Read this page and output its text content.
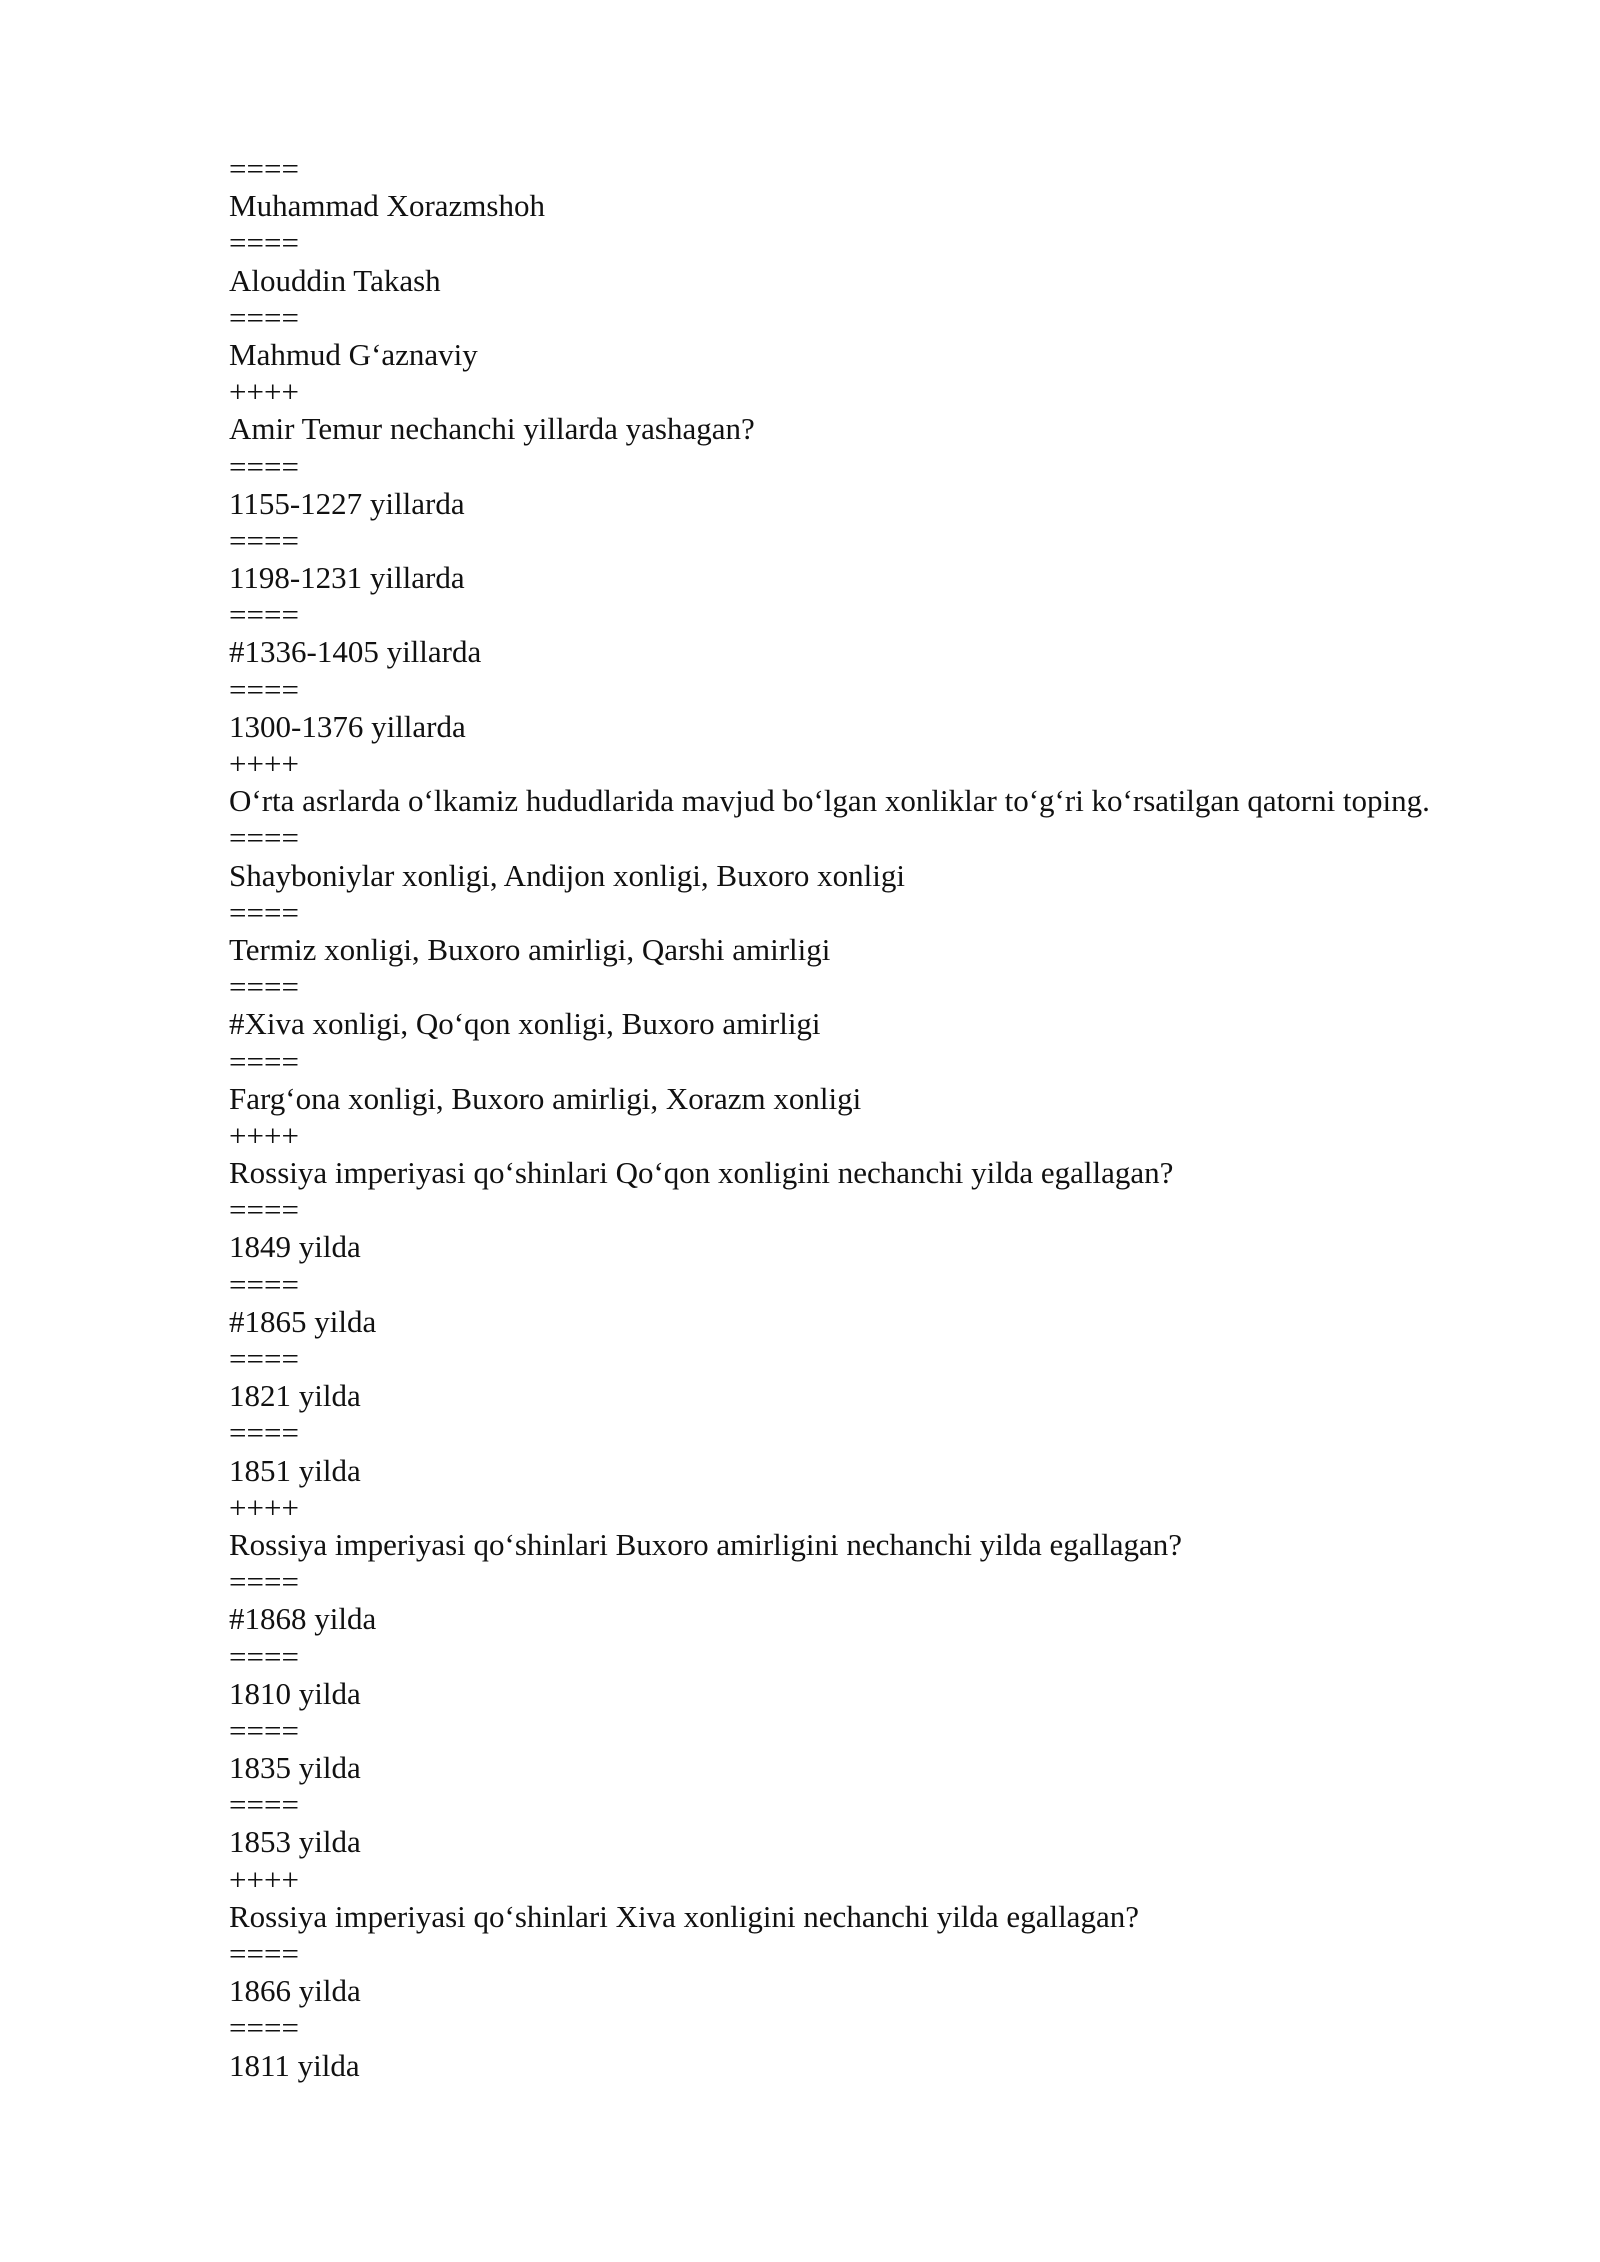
====
Muhammad Xorazmshoh
====
Alouddin Takash
====
Mahmud G‘aznaviy
++++
Amir Temur nechanchi yillarda yashagan?
====
1155-1227 yillarda
====
1198-1231 yillarda
====
#1336-1405 yillarda
====
1300-1376 yillarda
++++
O‘rta asrlarda o‘lkamiz hududlarida mavjud bo‘lgan xonliklar to‘g‘ri ko‘rsatilgan qatorni toping.
====
Shayboniylar xonligi, Andijon xonligi, Buxoro xonligi
====
Termiz xonligi, Buxoro amirligi, Qarshi amirligi
====
#Xiva xonligi, Qo‘qon xonligi, Buxoro amirligi
====
Farg‘ona xonligi, Buxoro amirligi, Xorazm xonligi
++++
Rossiya imperiyasi qo‘shinlari Qo‘qon xonligini nechanchi yilda egallagan?
====
1849 yilda
====
#1865 yilda
====
1821 yilda
====
1851 yilda
++++
Rossiya imperiyasi qo‘shinlari Buxoro amirligini nechanchi yilda egallagan?
====
#1868 yilda
====
1810 yilda
====
1835 yilda
====
1853 yilda
++++
Rossiya imperiyasi qo‘shinlari Xiva xonligini nechanchi yilda egallagan?
====
1866 yilda
====
1811 yilda
